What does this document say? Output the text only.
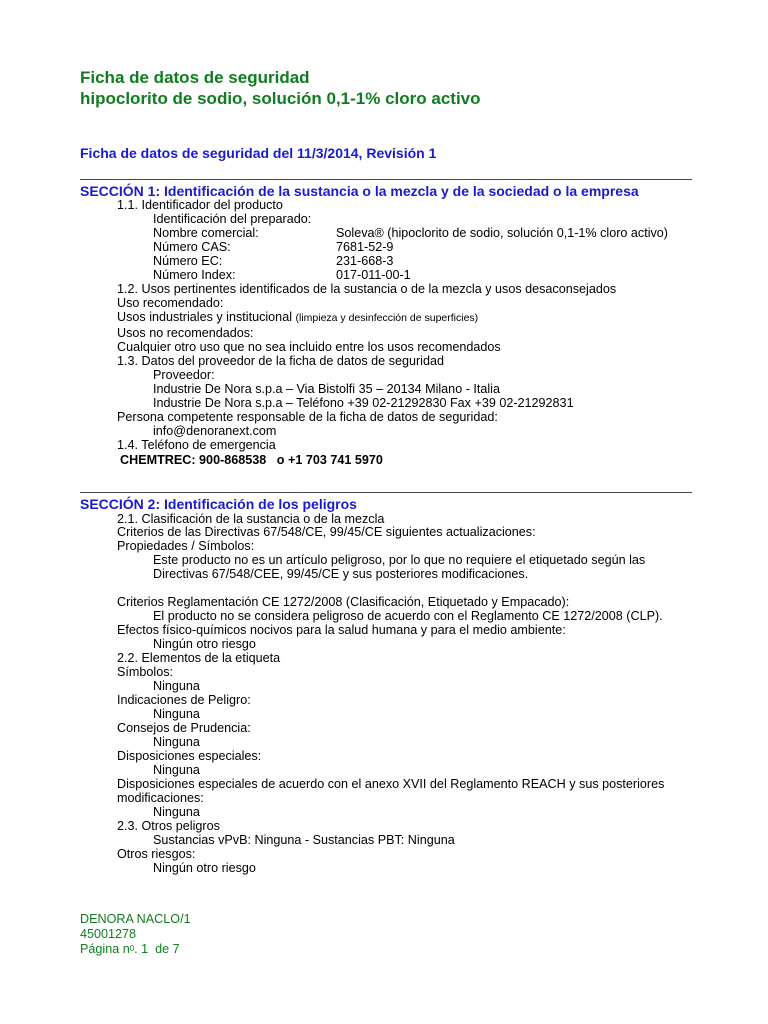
Ficha de datos de seguridad
hipoclorito de sodio, solución 0,1-1% cloro activo
Ficha de datos de seguridad del 11/3/2014, Revisión 1
SECCIÓN 1: Identificación de la sustancia o la mezcla y de la sociedad o la empresa
1.1. Identificador del producto
Identificación del preparado:
Nombre comercial:	Soleva® (hipoclorito de sodio, solución 0,1-1% cloro activo)
Número CAS:	7681-52-9
Número EC:	231-668-3
Número Index:	017-011-00-1
1.2. Usos pertinentes identificados de la sustancia o de la mezcla y usos desaconsejados
Uso recomendado:
Usos industriales y institucional (limpieza y desinfección de superficies)
Usos no recomendados:
Cualquier otro uso que no sea incluido entre los usos recomendados
1.3. Datos del proveedor de la ficha de datos de seguridad
Proveedor:
Industrie De Nora s.p.a – Via Bistolfi 35 – 20134 Milano - Italia
Industrie De Nora s.p.a – Teléfono +39 02-21292830 Fax +39 02-21292831
Persona competente responsable de la ficha de datos de seguridad:
info@denoranext.com
1.4. Teléfono de emergencia
CHEMTREC: 900-868538   o +1 703 741 5970
SECCIÓN 2: Identificación de los peligros
2.1. Clasificación de la sustancia o de la mezcla
Criterios de las Directivas 67/548/CE, 99/45/CE siguientes actualizaciones:
Propiedades / Símbolos:
Este producto no es un artículo peligroso, por lo que no requiere el etiquetado según las
Directivas 67/548/CEE, 99/45/CE y sus posteriores modificaciones.
Criterios Reglamentación CE 1272/2008 (Clasificación, Etiquetado y Empacado):
El producto no se considera peligroso de acuerdo con el Reglamento CE 1272/2008 (CLP).
Efectos físico-químicos nocivos para la salud humana y para el medio ambiente:
Ningún otro riesgo
2.2. Elementos de la etiqueta
Símbolos:
Ninguna
Indicaciones de Peligro:
Ninguna
Consejos de Prudencia:
Ninguna
Disposiciones especiales:
Ninguna
Disposiciones especiales de acuerdo con el anexo XVII del Reglamento REACH y sus posteriores
modificaciones:
Ninguna
2.3. Otros peligros
Sustancias vPvB: Ninguna - Sustancias PBT: Ninguna
Otros riesgos:
Ningún otro riesgo
DENORA NACLO/1
45001278
Página $n^0$. 1  de 7
